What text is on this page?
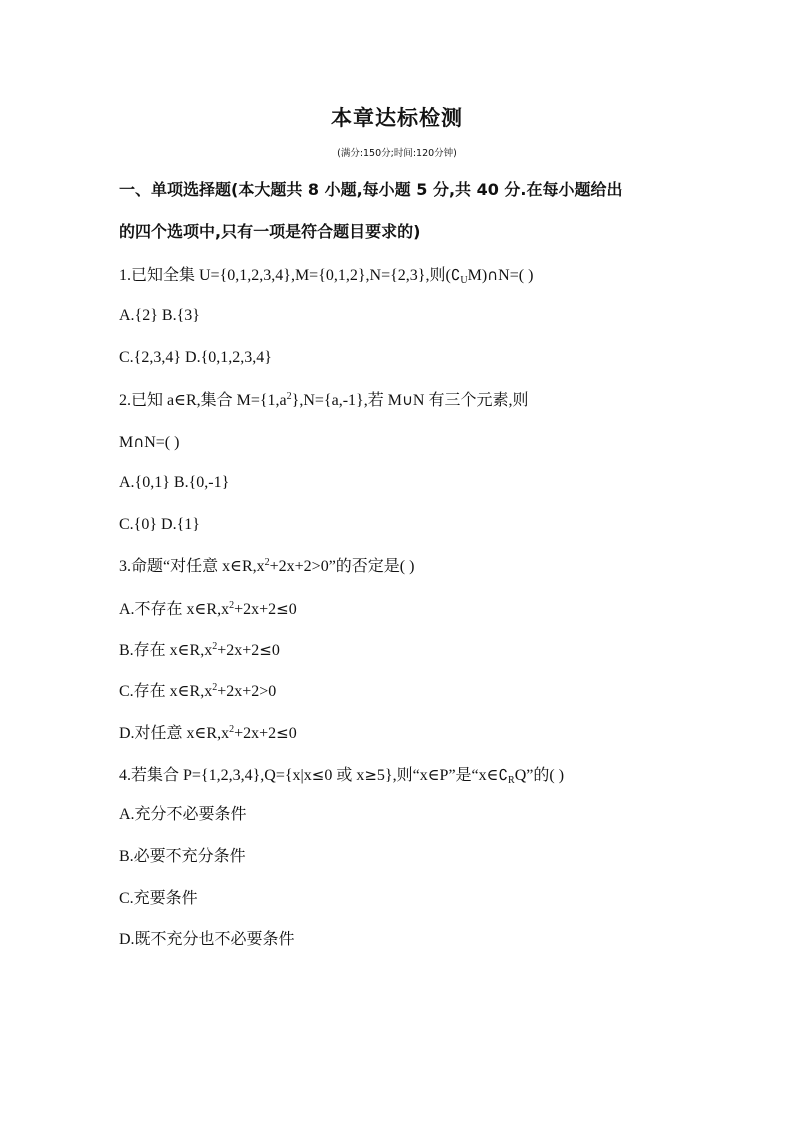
本章达标检测
(满分:150分;时间:120分钟)
一、单项选择题(本大题共 8 小题,每小题 5 分,共 40 分.在每小题给出
的四个选项中,只有一项是符合题目要求的)
1.已知全集 U={0,1,2,3,4},M={0,1,2},N={2,3},则$(∁_UM)\cap N=$( )
A.{2} B.{3}
C.{2,3,4} D.{0,1,2,3,4}
2.已知 a∈R,集合 $M=\{1,a^2\},N=\{a,-1\}$,若 M∪N 有三个元素,则
M∩N=( )
A.{0,1} B.{0,-1}
C.{0} D.{1}
3.命题“对任意 $x\in R,x^2+2x+2>0$”的否定是( )
A.不存在 $x\in R,x^2+2x+2\le 0$
B.存在 $x\in R,x^2+2x+2\le 0$
C.存在 $x\in R,x^2+2x+2>0$
D.对任意 $x\in R,x^2+2x+2\le 0$
4.若集合 P={1,2,3,4},Q={x|x≤0 或 x≥5},则“x∈P”是“$x\in∁_RQ$”的( )
A.充分不必要条件
B.必要不充分条件
C.充要条件
D.既不充分也不必要条件
